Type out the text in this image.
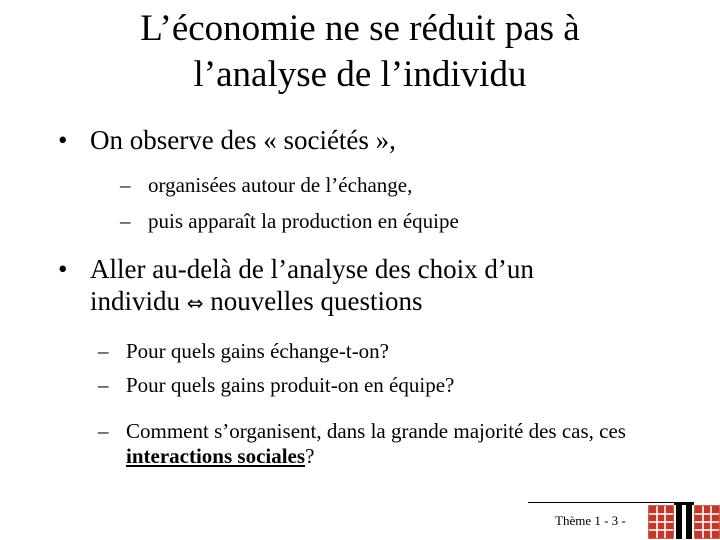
L’économie ne se réduit pas à
l’analyse de l’individu
• On observe des « sociétés »,
– organisées autour de l’échange,
– puis apparaît la production en équipe
• Aller au-delà de l’analyse des choix d’un
individu ⇔ nouvelles questions
– Pour quels gains échange-t-on?
– Pour quels gains produit-on en équipe?
– Comment s’organisent, dans la grande majorité des cas, ces interactions sociales?
Thème 1 - 3 -
